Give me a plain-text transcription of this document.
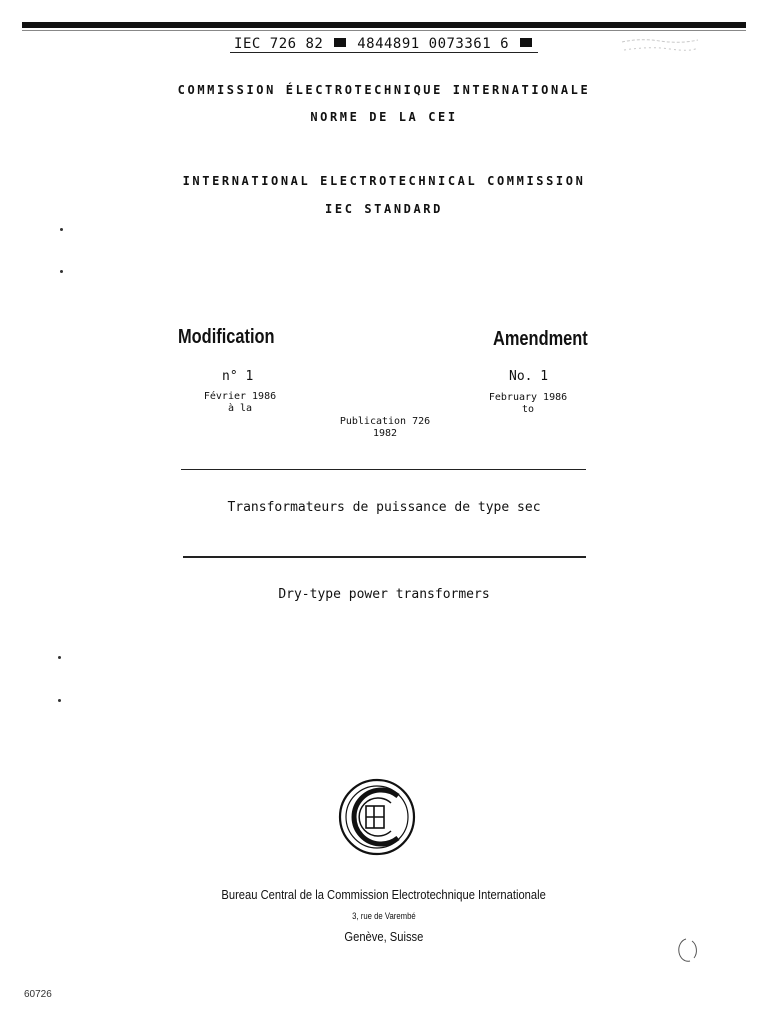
IEC 726 82 4844891 0073361 6
COMMISSION ÉLECTROTECHNIQUE INTERNATIONALE
NORME DE LA CEI
INTERNATIONAL ELECTROTECHNICAL COMMISSION
IEC STANDARD
Modification
n° 1
Février 1986
à la
Amendment
No. 1
February 1986
to
Publication 726
1982
Transformateurs de puissance de type sec
Dry-type power transformers
Bureau Central de la Commission Electrotechnique Internationale
3, rue de Varembé
Genève, Suisse
60726
